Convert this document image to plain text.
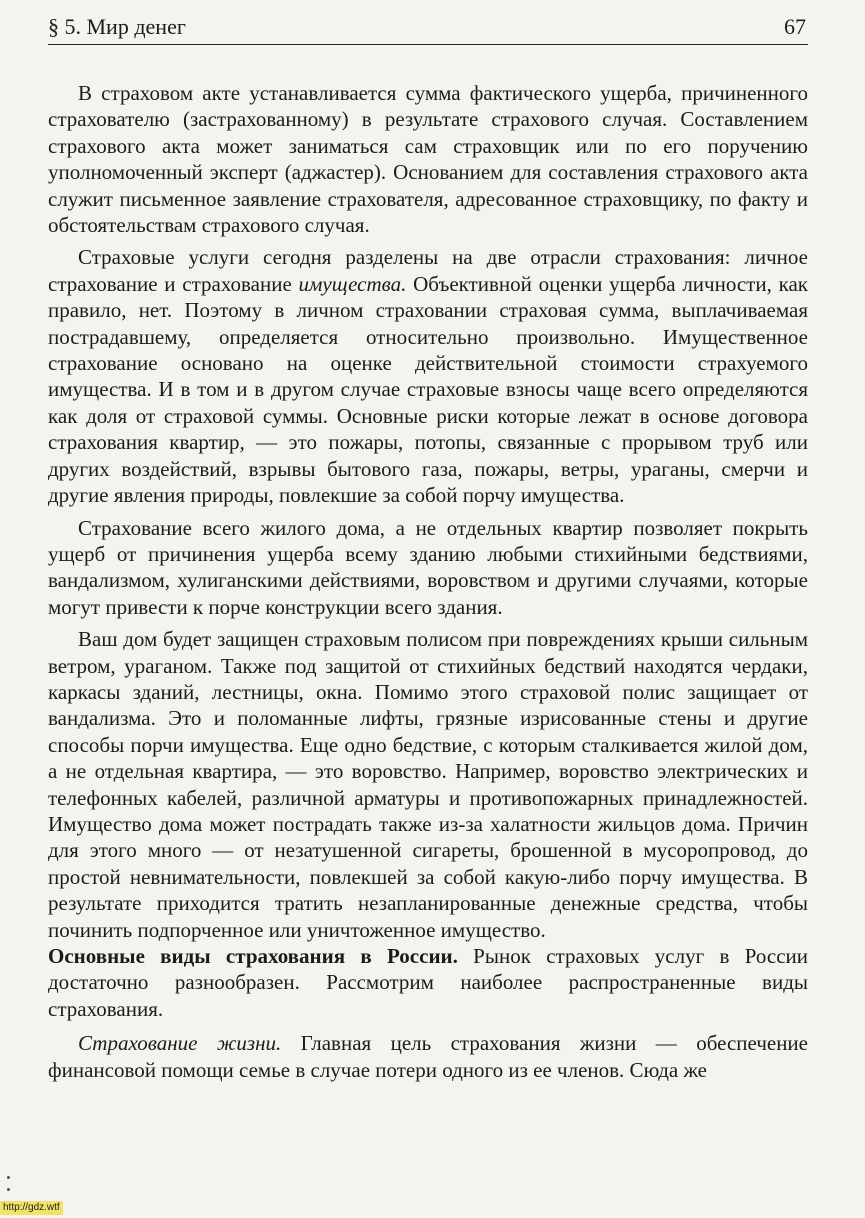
§ 5. Мир денег	67

В страховом акте устанавливается сумма фактического ущерба, причиненного страхователю (застрахованному) в результате страхового случая. Составлением страхового акта может заниматься сам страховщик или по его поручению уполномоченный эксперт (аджастер). Основанием для составления страхового акта служит письменное заявление страхователя, адресованное страховщику, по факту и обстоятельствам страхового случая.

Страховые услуги сегодня разделены на две отрасли страхования: личное страхование и страхование имущества. Объективной оценки ущерба личности, как правило, нет. Поэтому в личном страховании страховая сумма, выплачиваемая пострадавшему, определяется относительно произвольно. Имущественное страхование основано на оценке действительной стоимости страхуемого имущества. И в том и в другом случае страховые взносы чаще всего определяются как доля от страховой суммы. Основные риски которые лежат в основе договора страхования квартир, — это пожары, потопы, связанные с прорывом труб или других воздействий, взрывы бытового газа, пожары, ветры, ураганы, смерчи и другие явления природы, повлекшие за собой порчу имущества.

Страхование всего жилого дома, а не отдельных квартир позволяет покрыть ущерб от причинения ущерба всему зданию любыми стихийными бедствиями, вандализмом, хулиганскими действиями, воровством и другими случаями, которые могут привести к порче конструкции всего здания.

Ваш дом будет защищен страховым полисом при повреждениях крыши сильным ветром, ураганом. Также под защитой от стихийных бедствий находятся чердаки, каркасы зданий, лестницы, окна. Помимо этого страховой полис защищает от вандализма. Это и поломанные лифты, грязные изрисованные стены и другие способы порчи имущества. Еще одно бедствие, с которым сталкивается жилой дом, а не отдельная квартира, — это воровство. Например, воровство электрических и телефонных кабелей, различной арматуры и противопожарных принадлежностей. Имущество дома может пострадать также из-за халатности жильцов дома. Причин для этого много — от незатушенной сигареты, брошенной в мусоропровод, до простой невнимательности, повлекшей за собой какую-либо порчу имущества. В результате приходится тратить незапланированные денежные средства, чтобы починить подпорченное или уничтоженное имущество.

Основные виды страхования в России. Рынок страховых услуг в России достаточно разнообразен. Рассмотрим наиболее распространенные виды страхования.

Страхование жизни. Главная цель страхования жизни — обеспечение финансовой помощи семье в случае потери одного из ее членов. Сюда же

http://gdz.wtf
